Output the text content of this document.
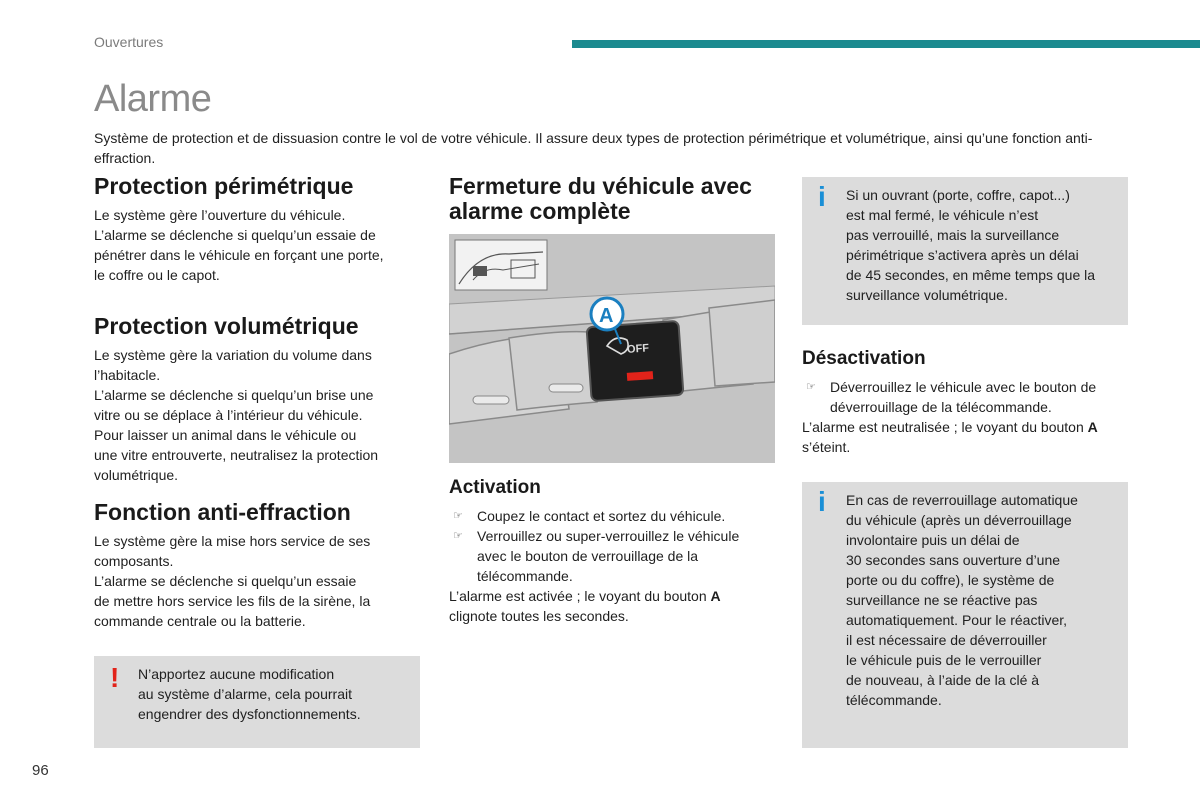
Ouvertures
Alarme

Système de protection et de dissuasion contre le vol de votre véhicule. Il assure deux types de protection périmétrique et volumétrique, ainsi qu’une fonction anti-effraction.

Protection périmétrique

Le système gère l’ouverture du véhicule.

L’alarme se déclenche si quelqu’un essaie de

pénétrer dans le véhicule en forçant une porte,

le coffre ou le capot.

Protection volumétrique

Le système gère la variation du volume dans

l’habitacle.

L’alarme se déclenche si quelqu’un brise une

vitre ou se déplace à l’intérieur du véhicule.

Pour laisser un animal dans le véhicule ou

une vitre entrouverte, neutralisez la protection

volumétrique.

Fonction anti-effraction

Le système gère la mise hors service de ses

composants.

L’alarme se déclenche si quelqu’un essaie

de mettre hors service les fils de la sirène, la

commande centrale ou la batterie.

! N’apportez aucune modification

au système d’alarme, cela pourrait

engendrer des dysfonctionnements.

Fermeture du véhicule avec
alarme complète
OFF
A
Activation
☞ Coupez le contact et sortez du véhicule.
☞ Verrouillez ou super-verrouillez le véhicule
avec le bouton de verrouillage de la
télécommande.

L’alarme est activée ; le voyant du bouton A

clignote toutes les secondes.

i Si un ouvrant (porte, coffre, capot...)

est mal fermé, le véhicule n’est

pas verrouillé, mais la surveillance

périmétrique s’activera après un délai

de 45 secondes, en même temps que la

surveillance volumétrique.

Désactivation
☞ Déverrouillez le véhicule avec le bouton de
déverrouillage de la télécommande.

L’alarme est neutralisée ; le voyant du bouton A

s’éteint.

i En cas de reverrouillage automatique

du véhicule (après un déverrouillage

involontaire puis un délai de

30 secondes sans ouverture d’une

porte ou du coffre), le système de

surveillance ne se réactive pas

automatiquement. Pour le réactiver,

il est nécessaire de déverrouiller

le véhicule puis de le verrouiller

de nouveau, à l’aide de la clé à

télécommande.

96
